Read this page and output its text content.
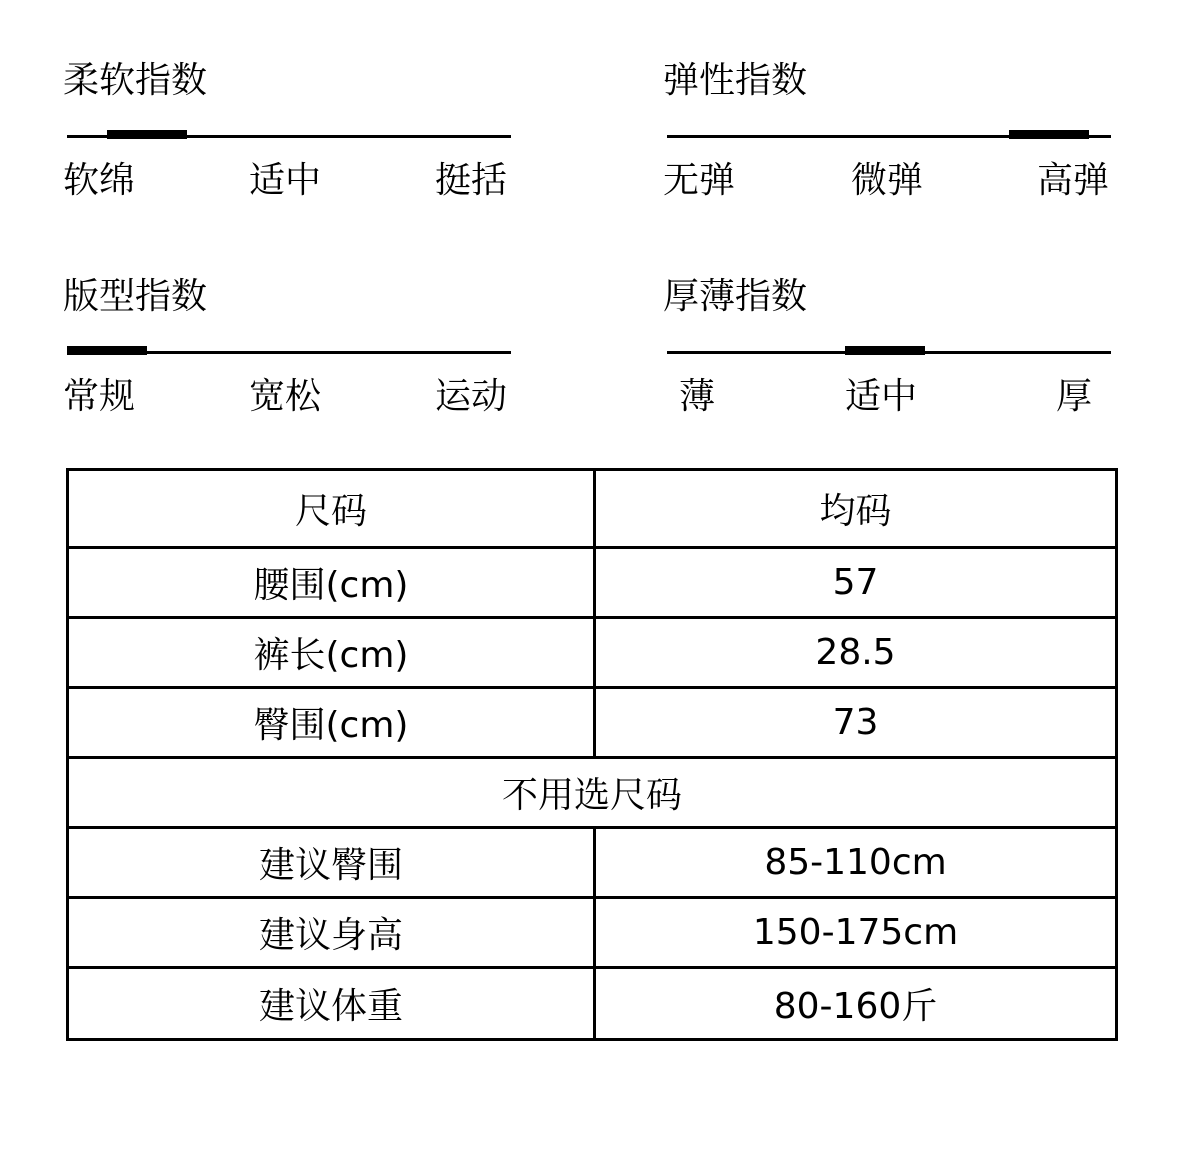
柔软指数
软绵	适中	挺括
弹性指数
无弹	微弹	高弹
版型指数
常规	宽松	运动
厚薄指数
薄	适中	厚
尺码	均码
腰围(cm)	57
裤长(cm)	28.5
臀围(cm)	73
不用选尺码	
建议臀围	85-110cm
建议身高	150-175cm
建议体重	80-160斤
